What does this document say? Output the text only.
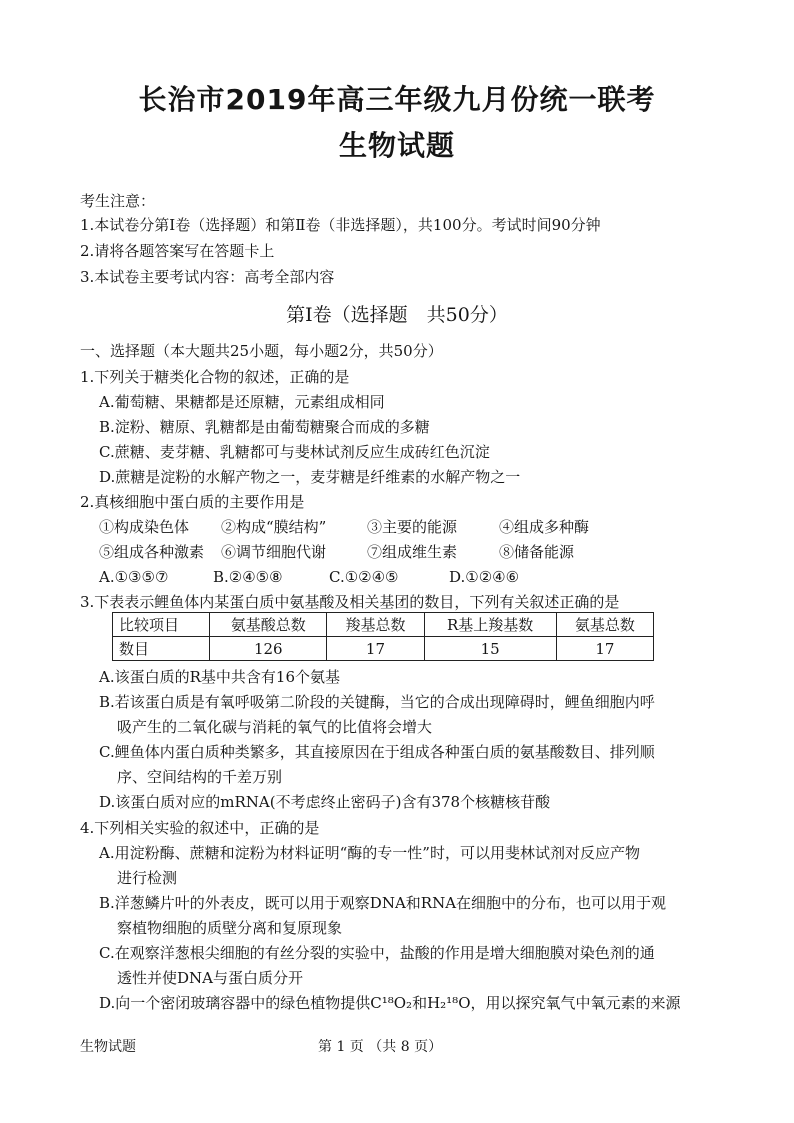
长治市2019年高三年级九月份统一联考
生物试题
考生注意：
1.本试卷分第Ⅰ卷（选择题）和第Ⅱ卷（非选择题），共100分。考试时间90分钟
2.请将各题答案写在答题卡上
3.本试卷主要考试内容：高考全部内容
第Ⅰ卷（选择题　共50分）
一、选择题（本大题共25小题，每小题2分，共50分）
1.下列关于糖类化合物的叙述，正确的是
A.葡萄糖、果糖都是还原糖，元素组成相同
B.淀粉、糖原、乳糖都是由葡萄糖聚合而成的多糖
C.蔗糖、麦芽糖、乳糖都可与斐林试剂反应生成砖红色沉淀
D.蔗糖是淀粉的水解产物之一，麦芽糖是纤维素的水解产物之一
2.真核细胞中蛋白质的主要作用是
①构成染色体 ②构成“膜结构”	③主要的能源	④组成多种酶
⑤组成各种激素 ⑥调节细胞代谢	⑦组成维生素	⑧储备能源
A.①③⑤⑦	B.②④⑤⑧	C.①②④⑤	D.①②④⑥
3.下表表示鲤鱼体内某蛋白质中氨基酸及相关基团的数目，下列有关叙述正确的是
比较项目	氨基酸总数	羧基总数	R基上羧基数	氨基总数
数目	126	17	15	17
A.该蛋白质的R基中共含有16个氨基
B.若该蛋白质是有氧呼吸第二阶段的关键酶，当它的合成出现障碍时，鲤鱼细胞内呼
吸产生的二氧化碳与消耗的氧气的比值将会增大
C.鲤鱼体内蛋白质种类繁多，其直接原因在于组成各种蛋白质的氨基酸数目、排列顺
序、空间结构的千差万别
D.该蛋白质对应的mRNA(不考虑终止密码子)含有378个核糖核苷酸
4.下列相关实验的叙述中，正确的是
A.用淀粉酶、蔗糖和淀粉为材料证明“酶的专一性”时，可以用斐林试剂对反应产物
进行检测
B.洋葱鳞片叶的外表皮，既可以用于观察DNA和RNA在细胞中的分布，也可以用于观
察植物细胞的质壁分离和复原现象
C.在观察洋葱根尖细胞的有丝分裂的实验中，盐酸的作用是增大细胞膜对染色剂的通
透性并使DNA与蛋白质分开
D.向一个密闭玻璃容器中的绿色植物提供C¹⁸O₂和H₂¹⁸O，用以探究氧气中氧元素的来源
生物试题	第 1 页 （共 8 页）
